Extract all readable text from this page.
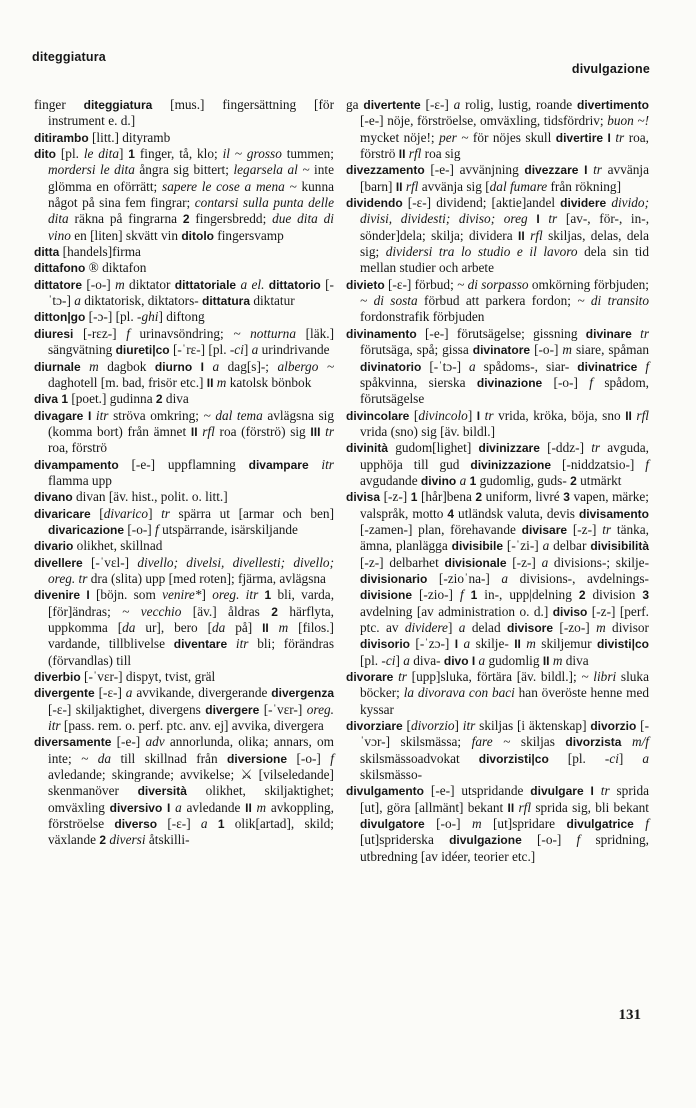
diteggiatura
divulgazione

finger diteggiatura [mus.] fingersättning [för instrument e. d.]

ditirambo [litt.] dityramb

dito [pl. le dita] 1 finger, tå, klo; il ~ grosso tummen; mordersi le dita ångra sig bittert; legarsela al ~ inte glömma en oförrätt; sapere le cose a mena ~ kunna något på sina fem fingrar; contarsi sulla punta delle dita räkna på fingrarna 2 fingersbredd; due dita di vino en [liten] skvätt vin ditolo fingersvamp

ditta [handels]firma

dittafono ® diktafon

dittatore [-o-] m diktator dittatoriale a el. dittatorio [-ˈtɔ-] a diktatorisk, diktators- dittatura diktatur

ditton|go [-ɔ-] [pl. -ghi] diftong

diuresi [-rɛz-] f urinavsöndring; ~ notturna [läk.] sängvätning diureti|co [-ˈrɛ-] [pl. -ci] a urindrivande

diurnale m dagbok diurno I a dag[s]-; albergo ~ daghotell [m. bad, frisör etc.] II m katolsk bönbok

diva 1 [poet.] gudinna 2 diva

divagare I itr ströva omkring; ~ dal tema avlägsna sig (komma bort) från ämnet II rfl roa (förströ) sig III tr roa, förströ

divampamento [-e-] uppflamning divampare itr flamma upp

divano divan [äv. hist., polit. o. litt.]

divaricare [divarico] tr spärra ut [armar och ben] divaricazione [-o-] f utspärrande, isärskiljande

divario olikhet, skillnad

divellere [-ˈvɛl-] divello; divelsi, divellesti; divello; oreg. tr dra (slita) upp [med roten]; fjärma, avlägsna

divenire I [böjn. som venire*] oreg. itr 1 bli, varda, [för]ändras; ~ vecchio [äv.] åldras 2 härflyta, uppkomma [da ur], bero [da på] II m [filos.] vardande, tillblivelse diventare itr bli; förändras (förvandlas) till

diverbio [-ˈvɛr-] dispyt, tvist, gräl

divergente [-ɛ-] a avvikande, divergerande divergenza [-ɛ-] skiljaktighet, divergens divergere [-ˈvɛr-] oreg. itr [pass. rem. o. perf. ptc. anv. ej] avvika, divergera

diversamente [-e-] adv annorlunda, olika; annars, om inte; ~ da till skillnad från diversione [-o-] f avledande; skingrande; avvikelse; ⚔ [vilseledande] skenmanöver diversità olikhet, skiljaktighet; omväxling diversivo I a avledande II m avkoppling, förströelse diverso [-ɛ-] a 1 olik[artad], skild; växlande 2 diversi åtskilli-

ga divertente [-ɛ-] a rolig, lustig, roande divertimento [-e-] nöje, förströelse, omväxling, tidsfördriv; buon ~! mycket nöje!; per ~ för nöjes skull divertire I tr roa, förströ II rfl roa sig

divezzamento [-e-] avvänjning divezzare I tr avvänja [barn] II rfl avvänja sig [dal fumare från rökning]

dividendo [-ɛ-] dividend; [aktie]andel dividere divido; divisi, dividesti; diviso; oreg I tr [av-, för-, in-, sönder]dela; skilja; dividera II rfl skiljas, delas, dela sig; dividersi tra lo studio e il lavoro dela sin tid mellan studier och arbete

divieto [-ɛ-] förbud; ~ di sorpasso omkörning förbjuden; ~ di sosta förbud att parkera fordon; ~ di transito fordonstrafik förbjuden

divinamento [-e-] förutsägelse; gissning divinare tr förutsäga, spå; gissa divinatore [-o-] m siare, spåman divinatorio [-ˈtɔ-] a spådoms-, siar- divinatrice f spåkvinna, sierska divinazione [-o-] f spådom, förutsägelse

divincolare [divincolo] I tr vrida, kröka, böja, sno II rfl vrida (sno) sig [äv. bildl.]

divinità gudom[lighet] divinizzare [-ddz-] tr avguda, upphöja till gud divinizzazione [-niddzatsio-] f avgudande divino a 1 gudomlig, guds- 2 utmärkt

divisa [-z-] 1 [hår]bena 2 uniform, livré 3 vapen, märke; valspråk, motto 4 utländsk valuta, devis divisamento [-zamen-] plan, förehavande divisare [-z-] tr tänka, ämna, planlägga divisibile [-ˈzi-] a delbar divisibilità [-z-] delbarhet divisionale [-z-] a divisions-; skilje- divisionario [-zioˈna-] a divisions-, avdelnings- divisione [-zio-] f 1 in-, upp|delning 2 division 3 avdelning [av administration o. d.] diviso [-z-] [perf. ptc. av dividere] a delad divisore [-zo-] m divisor divisorio [-ˈzɔ-] I a skilje- II m skiljemur divisti|co [pl. -ci] a diva- divo I a gudomlig II m diva

divorare tr [upp]sluka, förtära [äv. bildl.]; ~ libri sluka böcker; la divorava con baci han överöste henne med kyssar

divorziare [divorzio] itr skiljas [i äktenskap] divorzio [-ˈvɔr-] skilsmässa; fare ~ skiljas divorzista m/f skilsmässoadvokat divorzisti|co [pl. -ci] a skilsmässo-

divulgamento [-e-] utspridande divulgare I tr sprida [ut], göra [allmänt] bekant II rfl sprida sig, bli bekant divulgatore [-o-] m [ut]spridare divulgatrice f [ut]spriderska divulgazione [-o-] f spridning, utbredning [av idéer, teorier etc.]

131
